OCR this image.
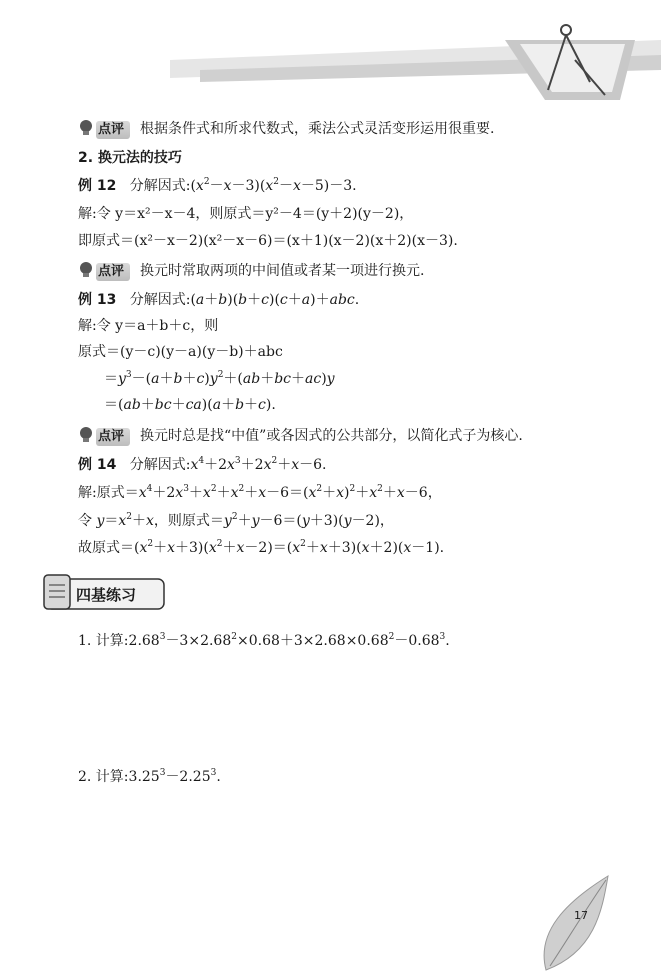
点评 根据条件式和所求代数式，乘法公式灵活变形运用很重要.
2. 换元法的技巧
例 12 分解因式$:(x^2-x-3)(x^2-x-5)-3$.
解:令 y＝x²－x－4，则原式＝y²－4＝(y＋2)(y－2)，
即原式＝(x²－x－2)(x²－x－6)＝(x＋1)(x－2)(x＋2)(x－3).
点评 换元时常取两项的中间值或者某一项进行换元.
例 13 分解因式:(a＋b)(b＋c)(c＋a)＋abc.
解:令 y＝a＋b＋c，则
原式＝(y－c)(y－a)(y－b)＋abc
$=y^3-(a+b+c)y^2+(ab+bc+ac)y$
＝(ab＋bc＋ca)(a＋b＋c).
点评 换元时总是找“中值”或各因式的公共部分，以简化式子为核心.
例 14 分解因式$:x^4+2x^3+2x^2+x-6$.
解:原式$=x^4+2x^3+x^2+x^2+x-6=(x^2+x)^2+x^2+x-6$，
令 $y=x^2+x$，则原式$=y^2+y-6=(y+3)(y-2)$，
故原式$=(x^2+x+3)(x^2+x-2)=(x^2+x+3)(x+2)(x-1)$.
四基练习
1. 计算$:2.68^3-3\times 2.68^2\times 0.68+3\times 2.68\times 0.68^2-0.68^3$.
2. 计算$:3.25^3-2.25^3$.
17
